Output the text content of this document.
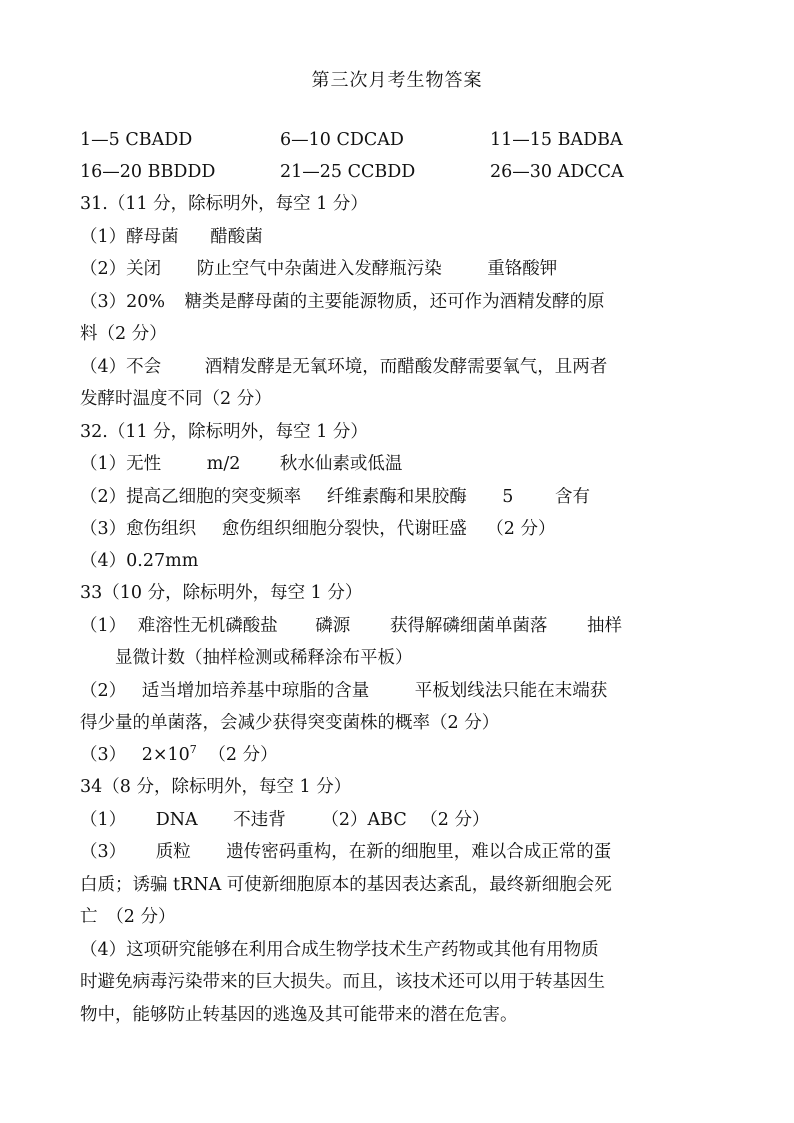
第三次月考生物答案
1—5 CBADD	6—10 CDCAD	11—15 BADBA
16—20 BBDDD	21—25 CCBDD	26—30 ADCCA
31.（11 分，除标明外，每空 1 分）
（1）酵母菌 醋酸菌
（2）关闭 防止空气中杂菌进入发酵瓶污染	重铬酸钾
（3）20% 糖类是酵母菌的主要能源物质，还可作为酒精发酵的原
料（2 分）
（4）不会 酒精发酵是无氧环境，而醋酸发酵需要氧气，且两者
发酵时温度不同（2 分）
32.（11 分，除标明外，每空 1 分）
（1）无性	m/2 秋水仙素或低温
（2）提高乙细胞的突变频率 纤维素酶和果胶酶 5 含有
（3）愈伤组织 愈伤组织细胞分裂快，代谢旺盛 （2 分）
（4）0.27mm
33（10 分，除标明外，每空 1 分）
（1） 难溶性无机磷酸盐 磷源 获得解磷细菌单菌落 抽样
显微计数（抽样检测或稀释涂布平板）
（2） 适当增加培养基中琼脂的含量	平板划线法只能在末端获
得少量的单菌落，会减少获得突变菌株的概率（2 分）
（3） $2\times 10^7$ （2 分）
34（8 分，除标明外，每空 1 分）
（1） DNA 不违背 （2）ABC （2 分）
（3） 质粒 遗传密码重构，在新的细胞里，难以合成正常的蛋
白质；诱骗 tRNA 可使新细胞原本的基因表达紊乱，最终新细胞会死
亡　（2 分）
（4）这项研究能够在利用合成生物学技术生产药物或其他有用物质
时避免病毒污染带来的巨大损失。而且，该技术还可以用于转基因生
物中，能够防止转基因的逃逸及其可能带来的潜在危害。
